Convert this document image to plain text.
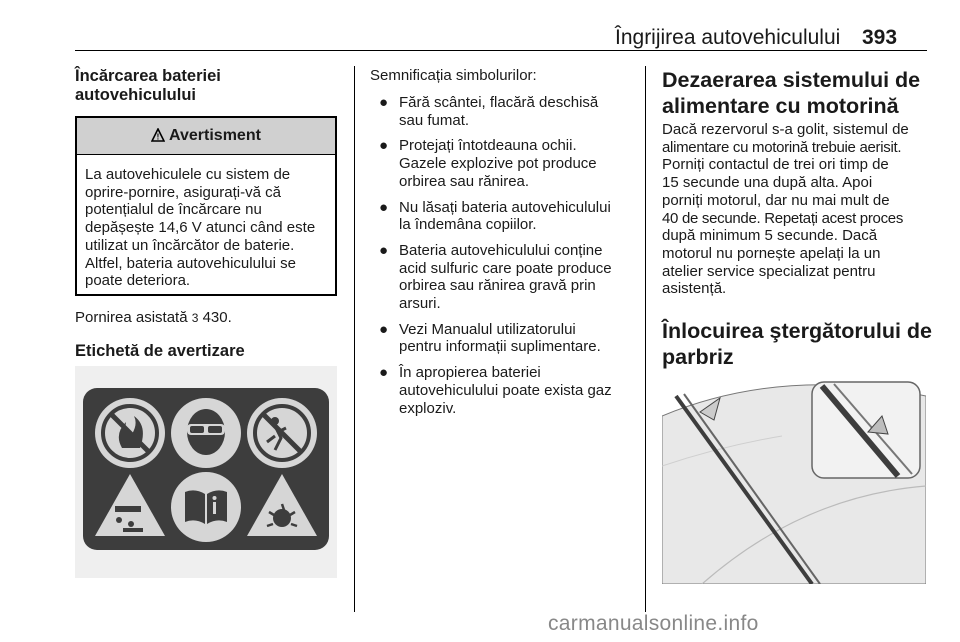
Îngrijirea autovehiculului 393
Încărcarea bateriei
autovehiculului
! Avertisment
La autovehiculele cu sistem de
oprire-pornire, asigurați-vă că
potențialul de încărcare nu
depășește 14,6 V atunci când este
utilizat un încărcător de baterie.
Altfel, bateria autovehiculului se
poate deteriora.
Pornirea asistată 3 430.
Etichetă de avertizare
Semnificația simbolurilor:
● Fără scântei, flacără deschisă
sau fumat.
● Protejați întotdeauna ochii.
Gazele explozive pot produce
orbirea sau rănirea.
● Nu lăsați bateria autovehiculului
la îndemâna copiilor.
● Bateria autovehiculului conține
acid sulfuric care poate produce
orbirea sau rănirea gravă prin
arsuri.
● Vezi Manualul utilizatorului
pentru informații suplimentare.
● În apropierea bateriei
autovehiculului poate exista gaz
exploziv.
Dezaerarea sistemului de
alimentare cu motorină
Dacă rezervorul s-a golit, sistemul de
alimentare cu motorină trebuie aerisit.
Porniți contactul de trei ori timp de
15 secunde una după alta. Apoi
porniți motorul, dar nu mai mult de
40 de secunde. Repetați acest proces
după minimum 5 secunde. Dacă
motorul nu pornește apelați la un
atelier service specializat pentru
asistență.
Înlocuirea ştergătorului de
parbriz
carmanualsonline.info
